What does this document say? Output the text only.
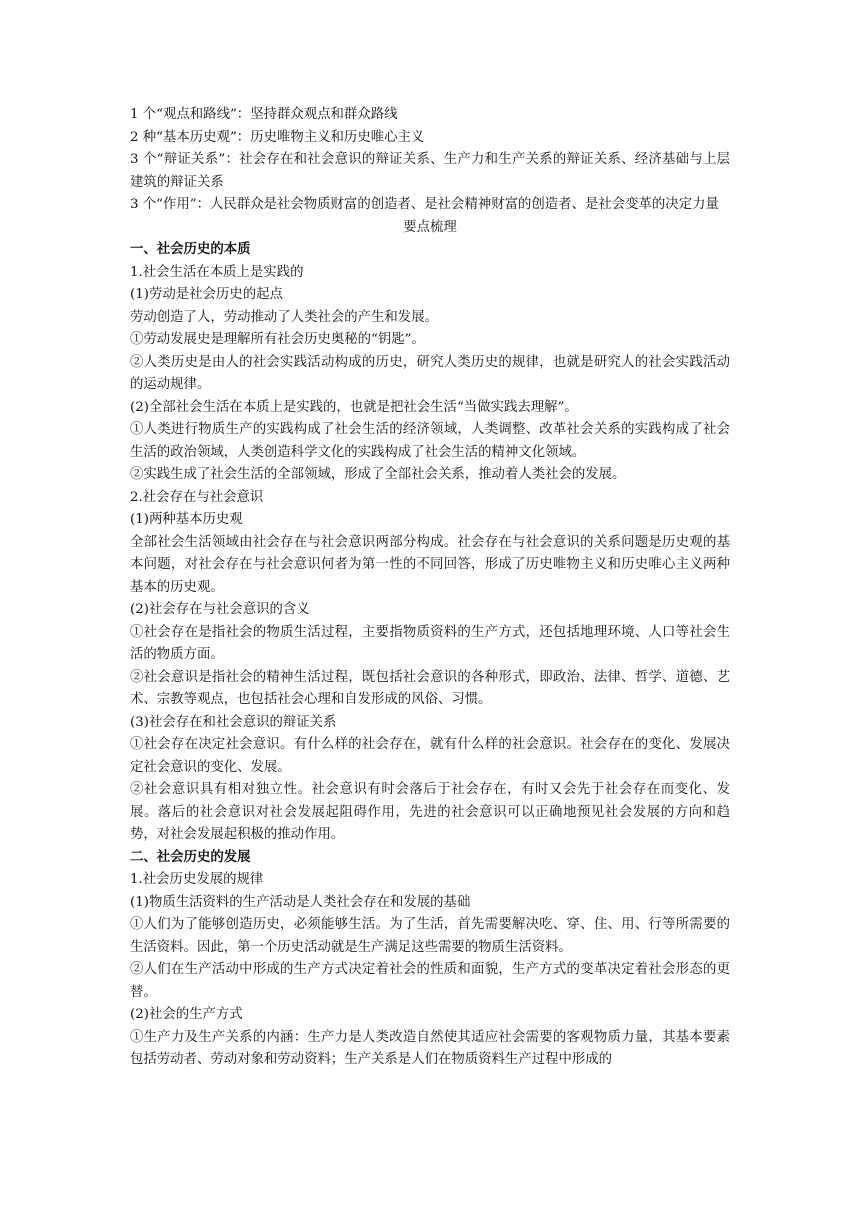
1 个“观点和路线”：坚持群众观点和群众路线

2 种“基本历史观”：历史唯物主义和历史唯心主义

3 个“辩证关系”：社会存在和社会意识的辩证关系、生产力和生产关系的辩证关系、经济基础与上层建筑的辩证关系

3 个“作用”：人民群众是社会物质财富的创造者、是社会精神财富的创造者、是社会变革的决定力量

要点梳理

一、社会历史的本质

1.社会生活在本质上是实践的

(1)劳动是社会历史的起点

劳动创造了人，劳动推动了人类社会的产生和发展。

①劳动发展史是理解所有社会历史奥秘的“钥匙”。

②人类历史是由人的社会实践活动构成的历史，研究人类历史的规律，也就是研究人的社会实践活动的运动规律。

(2)全部社会生活在本质上是实践的，也就是把社会生活“当做实践去理解”。

①人类进行物质生产的实践构成了社会生活的经济领域，人类调整、改革社会关系的实践构成了社会生活的政治领域，人类创造科学文化的实践构成了社会生活的精神文化领域。

②实践生成了社会生活的全部领域，形成了全部社会关系，推动着人类社会的发展。

2.社会存在与社会意识

(1)两种基本历史观

全部社会生活领域由社会存在与社会意识两部分构成。社会存在与社会意识的关系问题是历史观的基本问题，对社会存在与社会意识何者为第一性的不同回答，形成了历史唯物主义和历史唯心主义两种基本的历史观。

(2)社会存在与社会意识的含义

①社会存在是指社会的物质生活过程，主要指物质资料的生产方式，还包括地理环境、人口等社会生活的物质方面。

②社会意识是指社会的精神生活过程，既包括社会意识的各种形式，即政治、法律、哲学、道德、艺术、宗教等观点，也包括社会心理和自发形成的风俗、习惯。

(3)社会存在和社会意识的辩证关系

①社会存在决定社会意识。有什么样的社会存在，就有什么样的社会意识。社会存在的变化、发展决定社会意识的变化、发展。

②社会意识具有相对独立性。社会意识有时会落后于社会存在，有时又会先于社会存在而变化、发展。落后的社会意识对社会发展起阻碍作用，先进的社会意识可以正确地预见社会发展的方向和趋势，对社会发展起积极的推动作用。

二、社会历史的发展

1.社会历史发展的规律

(1)物质生活资料的生产活动是人类社会存在和发展的基础

①人们为了能够创造历史，必须能够生活。为了生活，首先需要解决吃、穿、住、用、行等所需要的生活资料。因此，第一个历史活动就是生产满足这些需要的物质生活资料。

②人们在生产活动中形成的生产方式决定着社会的性质和面貌，生产方式的变革决定着社会形态的更替。

(2)社会的生产方式

①生产力及生产关系的内涵：生产力是人类改造自然使其适应社会需要的客观物质力量，其基本要素包括劳动者、劳动对象和劳动资料；生产关系是人们在物质资料生产过程中形成的
